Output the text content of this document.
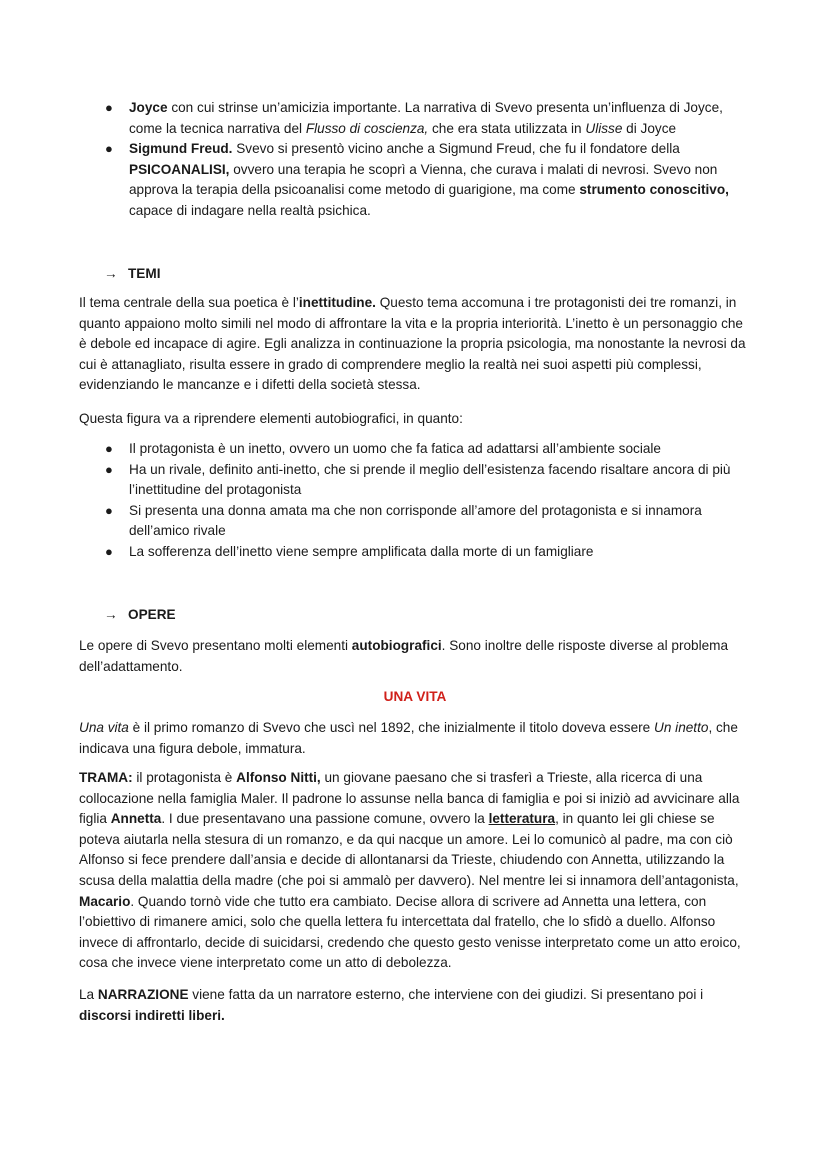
● Joyce con cui strinse un’amicizia importante. La narrativa di Svevo presenta un’influenza di Joyce, come la tecnica narrativa del Flusso di coscienza, che era stata utilizzata in Ulisse di Joyce
● Sigmund Freud. Svevo si presentò vicino anche a Sigmund Freud, che fu il fondatore della PSICOANALISI, ovvero una terapia he scoprì a Vienna, che curava i malati di nevrosi. Svevo non approva la terapia della psicoanalisi come metodo di guarigione, ma come strumento conoscitivo, capace di indagare nella realtà psichica.
→ TEMI

Il tema centrale della sua poetica è l’inettitudine. Questo tema accomuna i tre protagonisti dei tre romanzi, in quanto appaiono molto simili nel modo di affrontare la vita e la propria interiorità. L’inetto è un personaggio che è debole ed incapace di agire. Egli analizza in continuazione la propria psicologia, ma nonostante la nevrosi da cui è attanagliato, risulta essere in grado di comprendere meglio la realtà nei suoi aspetti più complessi, evidenziando le mancanze e i difetti della società stessa.

Questa figura va a riprendere elementi autobiografici, in quanto:

● Il protagonista è un inetto, ovvero un uomo che fa fatica ad adattarsi all’ambiente sociale
● Ha un rivale, definito anti-inetto, che si prende il meglio dell’esistenza facendo risaltare ancora di più l’inettitudine del protagonista
● Si presenta una donna amata ma che non corrisponde all’amore del protagonista e si innamora dell’amico rivale
● La sofferenza dell’inetto viene sempre amplificata dalla morte di un famigliare
→ OPERE

Le opere di Svevo presentano molti elementi autobiografici. Sono inoltre delle risposte diverse al problema dell’adattamento.

UNA VITA

Una vita è il primo romanzo di Svevo che uscì nel 1892, che inizialmente il titolo doveva essere Un inetto, che indicava una figura debole, immatura.

TRAMA: il protagonista è Alfonso Nitti, un giovane paesano che si trasferì a Trieste, alla ricerca di una collocazione nella famiglia Maler. Il padrone lo assunse nella banca di famiglia e poi si iniziò ad avvicinare alla figlia Annetta. I due presentavano una passione comune, ovvero la letteratura, in quanto lei gli chiese se poteva aiutarla nella stesura di un romanzo, e da qui nacque un amore. Lei lo comunicò al padre, ma con ciò Alfonso si fece prendere dall’ansia e decide di allontanarsi da Trieste, chiudendo con Annetta, utilizzando la scusa della malattia della madre (che poi si ammalò per davvero). Nel mentre lei si innamora dell’antagonista, Macario. Quando tornò vide che tutto era cambiato. Decise allora di scrivere ad Annetta una lettera, con l’obiettivo di rimanere amici, solo che quella lettera fu intercettata dal fratello, che lo sfidò a duello. Alfonso invece di affrontarlo, decide di suicidarsi, credendo che questo gesto venisse interpretato come un atto eroico, cosa che invece viene interpretato come un atto di debolezza.

La NARRAZIONE viene fatta da un narratore esterno, che interviene con dei giudizi. Si presentano poi i discorsi indiretti liberi.
